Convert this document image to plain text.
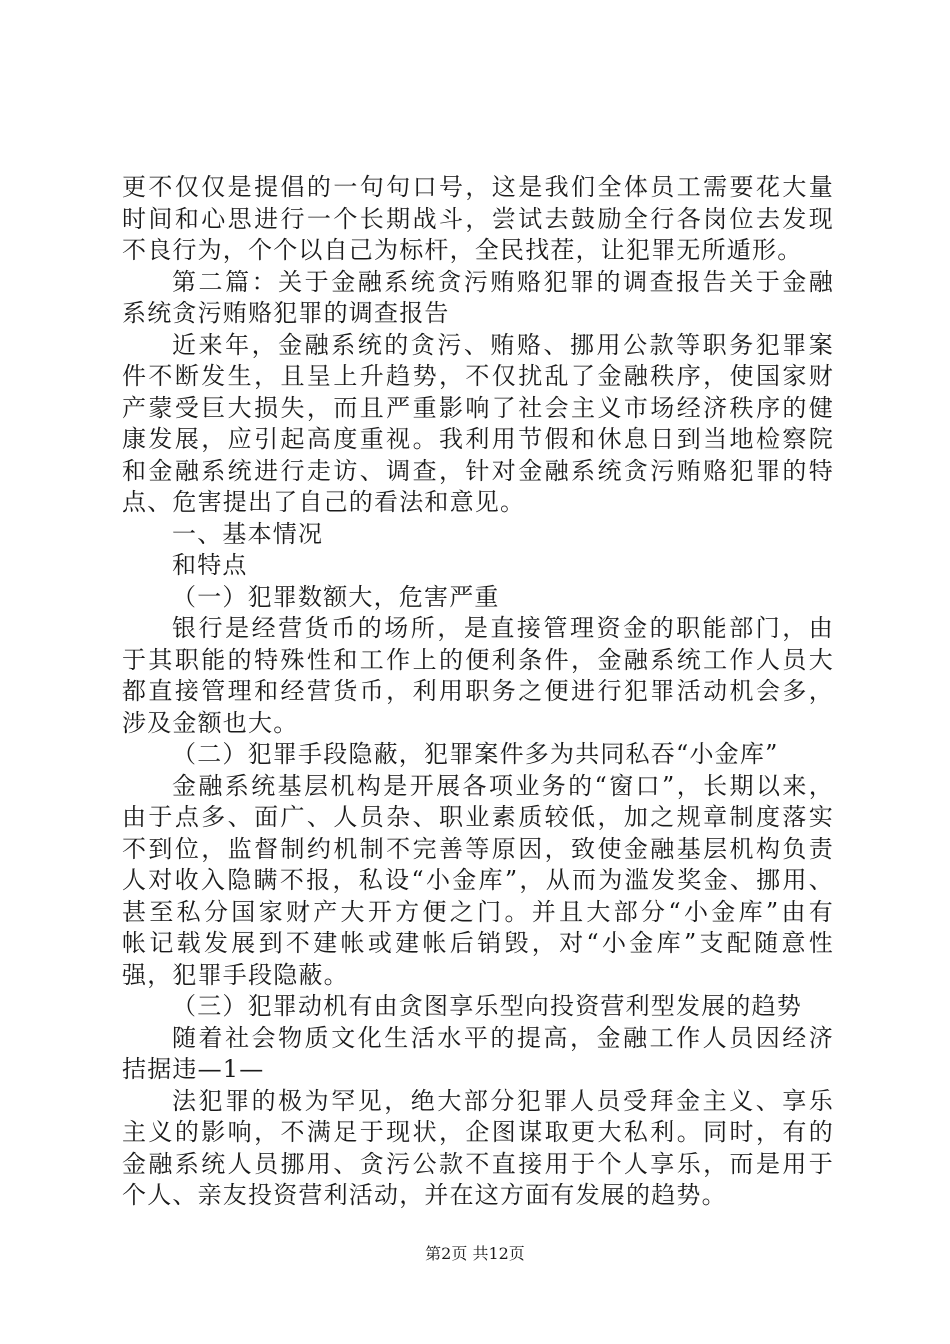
更不仅仅是提倡的一句句口号，这是我们全体员工需要花大量
时间和心思进行一个长期战斗，尝试去鼓励全行各岗位去发现
不良行为，个个以自己为标杆，全民找茬，让犯罪无所遁形。
第二篇：关于金融系统贪污贿赂犯罪的调查报告关于金融
系统贪污贿赂犯罪的调查报告
近来年，金融系统的贪污、贿赂、挪用公款等职务犯罪案
件不断发生，且呈上升趋势，不仅扰乱了金融秩序，使国家财
产蒙受巨大损失，而且严重影响了社会主义市场经济秩序的健
康发展，应引起高度重视。我利用节假和休息日到当地检察院
和金融系统进行走访、调查，针对金融系统贪污贿赂犯罪的特
点、危害提出了自己的看法和意见。
一、基本情况
和特点
（一）犯罪数额大，危害严重
银行是经营货币的场所，是直接管理资金的职能部门，由
于其职能的特殊性和工作上的便利条件，金融系统工作人员大
都直接管理和经营货币，利用职务之便进行犯罪活动机会多，
涉及金额也大。
（二）犯罪手段隐蔽，犯罪案件多为共同私吞“小金库”
金融系统基层机构是开展各项业务的“窗口”，长期以来，
由于点多、面广、人员杂、职业素质较低，加之规章制度落实
不到位，监督制约机制不完善等原因，致使金融基层机构负责
人对收入隐瞒不报，私设“小金库”，从而为滥发奖金、挪用、
甚至私分国家财产大开方便之门。并且大部分“小金库”由有
帐记载发展到不建帐或建帐后销毁，对“小金库”支配随意性
强，犯罪手段隐蔽。
（三）犯罪动机有由贪图享乐型向投资营利型发展的趋势
随着社会物质文化生活水平的提高，金融工作人员因经济
拮据违—1—
法犯罪的极为罕见，绝大部分犯罪人员受拜金主义、享乐
主义的影响，不满足于现状，企图谋取更大私利。同时，有的
金融系统人员挪用、贪污公款不直接用于个人享乐，而是用于
个人、亲友投资营利活动，并在这方面有发展的趋势。
第2页 共12页
